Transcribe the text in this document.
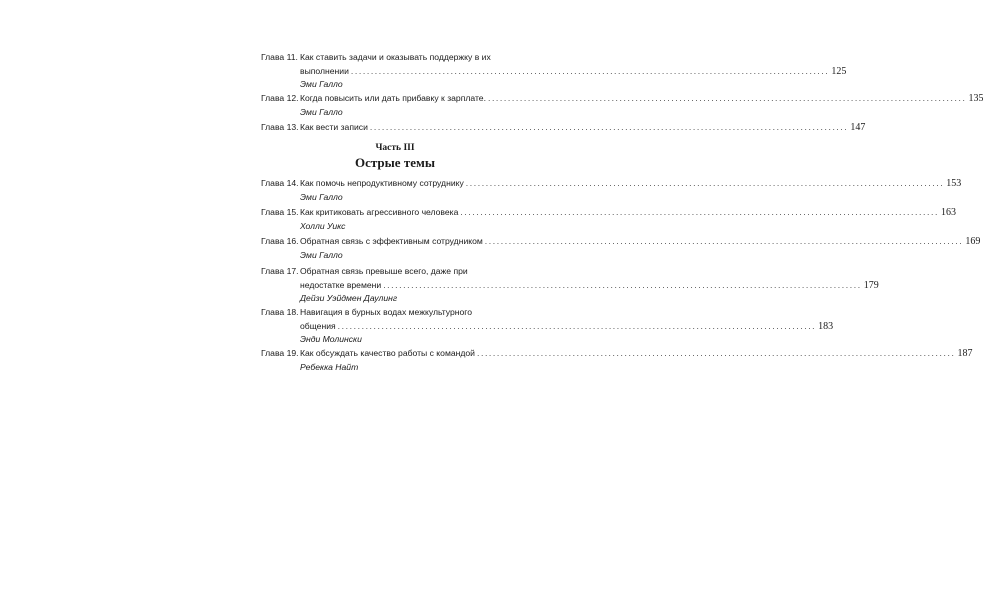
Глава 11. Как ставить задачи и оказывать поддержку в их
выполнении ........................................................................................................................ 125
Эми Галло
Глава 12. Когда повысить или дать прибавку к зарплате. ........................................................................................................................ 135
Эми Галло
Глава 13. Как вести записи ........................................................................................................................ 147
Часть III
Острые темы
Глава 14. Как помочь непродуктивному сотруднику ........................................................................................................................ 153
Эми Галло
Глава 15. Как критиковать агрессивного человека ........................................................................................................................ 163
Холли Уикс
Глава 16. Обратная связь с эффективным сотрудником ........................................................................................................................ 169
Эми Галло
Глава 17. Обратная связь превыше всего, даже при
недостатке времени ........................................................................................................................ 179
Дейзи Уэйдмен Даулинг
Глава 18. Навигация в бурных водах межкультурного
общения ........................................................................................................................ 183
Энди Молински
Глава 19. Как обсуждать качество работы с командой ........................................................................................................................ 187
Ребекка Найт
